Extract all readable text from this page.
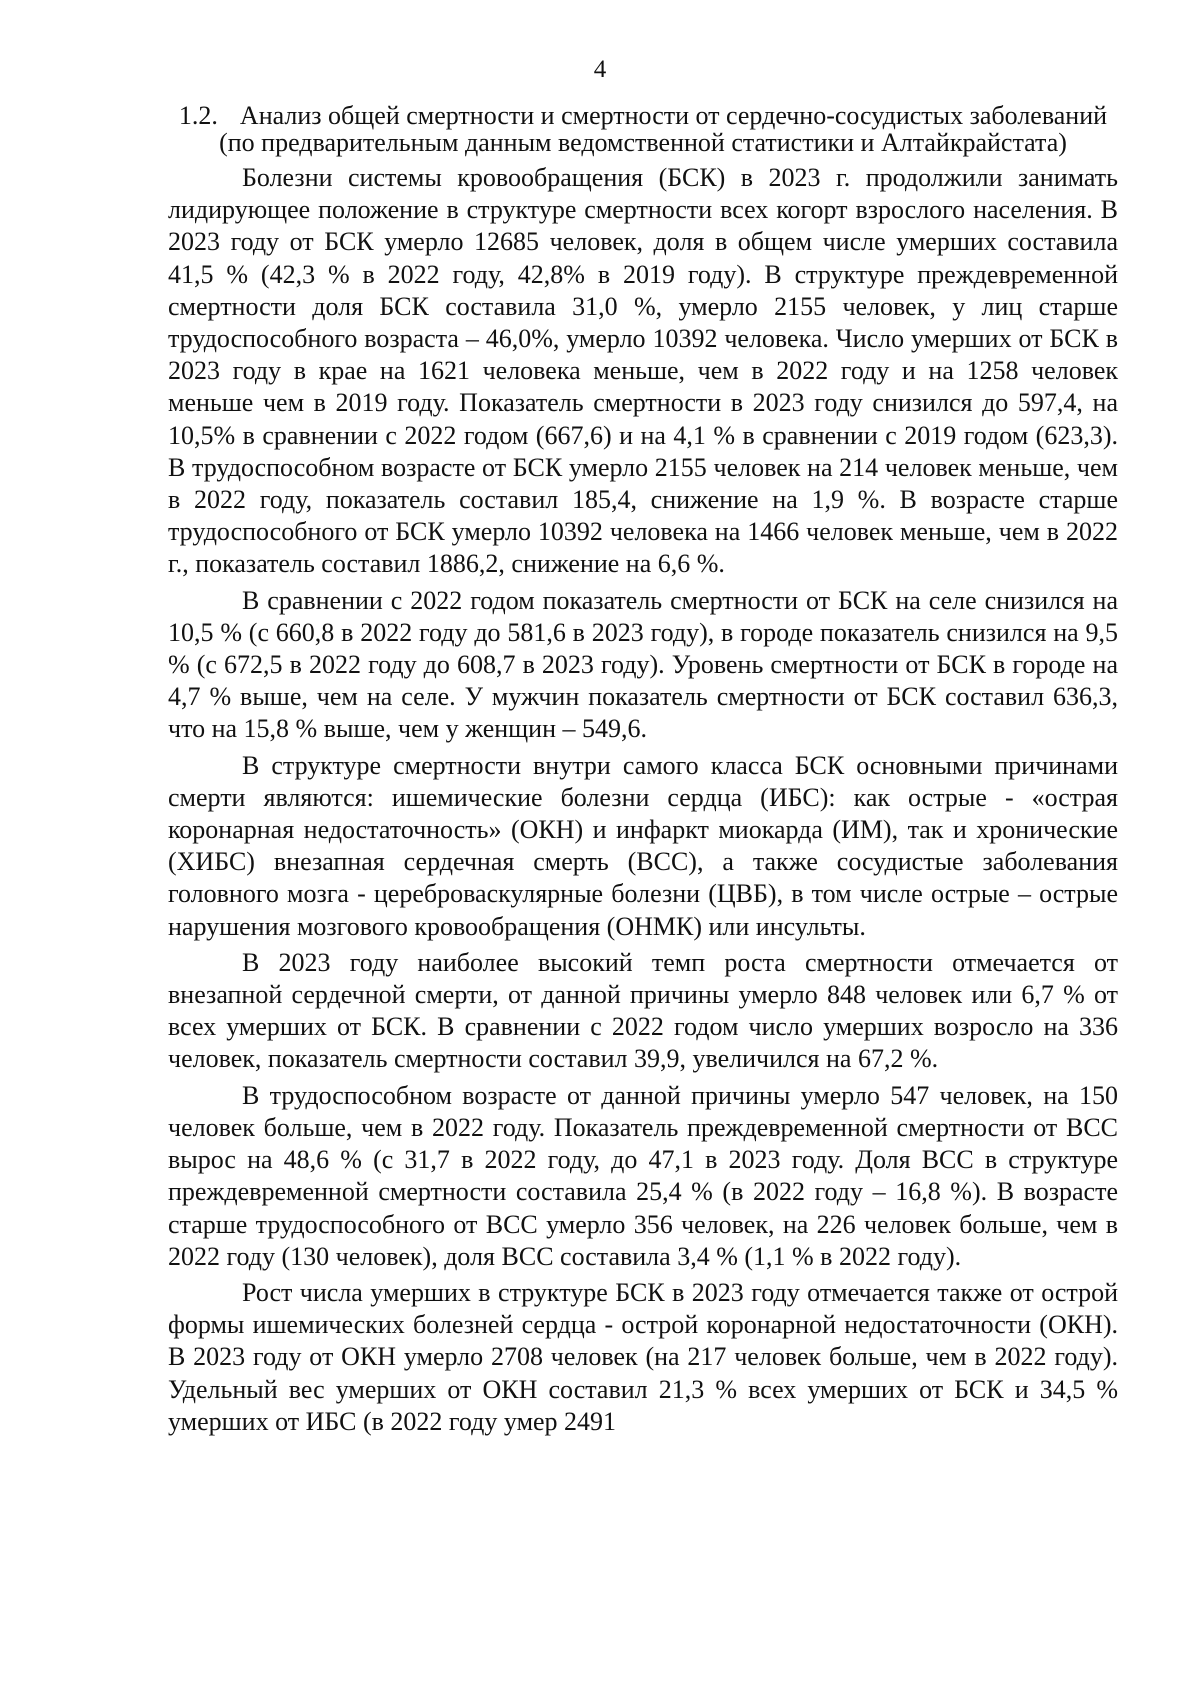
4
1.2. Анализ общей смертности и смертности от сердечно-сосудистых заболеваний (по предварительным данным ведомственной статистики и Алтайкрайстата)

Болезни системы кровообращения (БСК) в 2023 г. продолжили занимать лидирующее положение в структуре смертности всех когорт взрослого населения. В 2023 году от БСК умерло 12685 человек, доля в общем числе умерших составила 41,5 % (42,3 % в 2022 году, 42,8% в 2019 году). В структуре преждевременной смертности доля БСК составила 31,0 %, умерло 2155 человек, у лиц старше трудоспособного возраста – 46,0%, умерло 10392 человека. Число умерших от БСК в 2023 году в крае на 1621 человека меньше, чем в 2022 году и на 1258 человек меньше чем в 2019 году. Показатель смертности в 2023 году снизился до 597,4, на 10,5% в сравнении с 2022 годом (667,6) и на 4,1 % в сравнении с 2019 годом (623,3). В трудоспособном возрасте от БСК умерло 2155 человек на 214 человек меньше, чем в 2022 году, показатель составил 185,4, снижение на 1,9 %. В возрасте старше трудоспособного от БСК умерло 10392 человека на 1466 человек меньше, чем в 2022 г., показатель составил 1886,2, снижение на 6,6 %.

В сравнении с 2022 годом показатель смертности от БСК на селе снизился на 10,5 % (с 660,8 в 2022 году до 581,6 в 2023 году), в городе показатель снизился на 9,5 % (с 672,5 в 2022 году до 608,7 в 2023 году). Уровень смертности от БСК в городе на 4,7 % выше, чем на селе. У мужчин показатель смертности от БСК составил 636,3, что на 15,8 % выше, чем у женщин – 549,6.

В структуре смертности внутри самого класса БСК основными причинами смерти являются: ишемические болезни сердца (ИБС): как острые - «острая коронарная недостаточность» (ОКН) и инфаркт миокарда (ИМ), так и хронические (ХИБС) внезапная сердечная смерть (ВСС), а также сосудистые заболевания головного мозга - цереброваскулярные болезни (ЦВБ), в том числе острые – острые нарушения мозгового кровообращения (ОНМК) или инсульты.

В 2023 году наиболее высокий темп роста смертности отмечается от внезапной сердечной смерти, от данной причины умерло 848 человек или 6,7 % от всех умерших от БСК. В сравнении с 2022 годом число умерших возросло на 336 человек, показатель смертности составил 39,9, увеличился на 67,2 %.

В трудоспособном возрасте от данной причины умерло 547 человек, на 150 человек больше, чем в 2022 году. Показатель преждевременной смертности от ВСС вырос на 48,6 % (с 31,7 в 2022 году, до 47,1 в 2023 году. Доля ВСС в структуре преждевременной смертности составила 25,4 % (в 2022 году – 16,8 %). В возрасте старше трудоспособного от ВСС умерло 356 человек, на 226 человек больше, чем в 2022 году (130 человек), доля ВСС составила 3,4 % (1,1 % в 2022 году).

Рост числа умерших в структуре БСК в 2023 году отмечается также от острой формы ишемических болезней сердца - острой коронарной недостаточности (ОКН). В 2023 году от ОКН умерло 2708 человек (на 217 человек больше, чем в 2022 году). Удельный вес умерших от ОКН составил 21,3 % всех умерших от БСК и 34,5 % умерших от ИБС (в 2022 году умер 2491
